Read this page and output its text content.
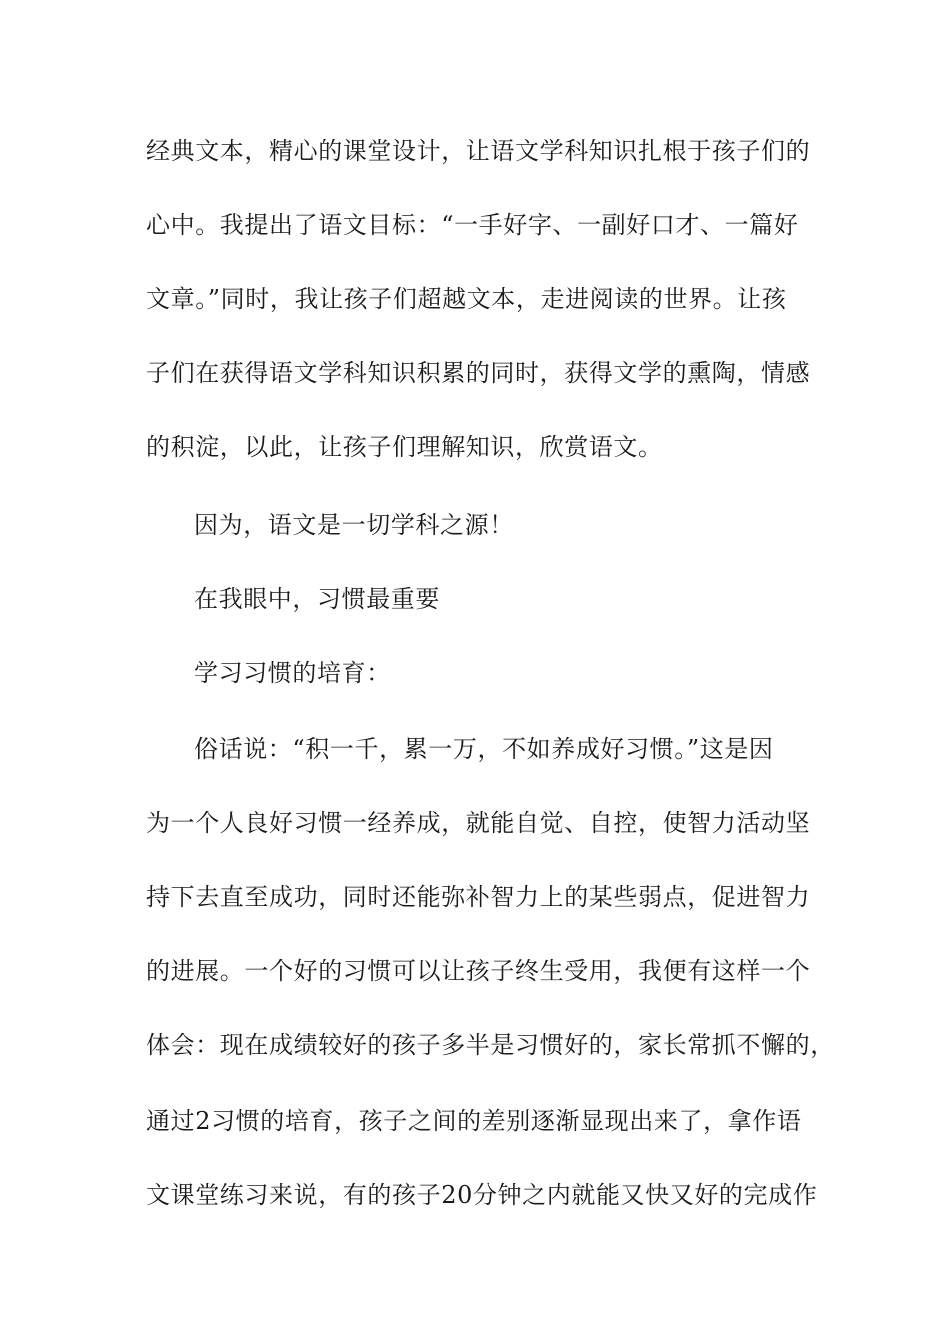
经典文本，精心的课堂设计，让语文学科知识扎根于孩子们的
心中。我提出了语文目标：“一手好字、一副好口才、一篇好
文章。”同时，我让孩子们超越文本，走进阅读的世界。让孩
子们在获得语文学科知识积累的同时，获得文学的熏陶，情感
的积淀，以此，让孩子们理解知识，欣赏语文。
因为，语文是一切学科之源！
在我眼中，习惯最重要
学习习惯的培育：
俗话说：“积一千，累一万，不如养成好习惯。”这是因
为一个人良好习惯一经养成，就能自觉、自控，使智力活动坚
持下去直至成功，同时还能弥补智力上的某些弱点，促进智力
的进展。一个好的习惯可以让孩子终生受用，我便有这样一个
体会：现在成绩较好的孩子多半是习惯好的，家长常抓不懈的，
通过2习惯的培育，孩子之间的差别逐渐显现出来了，拿作语
文课堂练习来说，有的孩子20分钟之内就能又快又好的完成作
